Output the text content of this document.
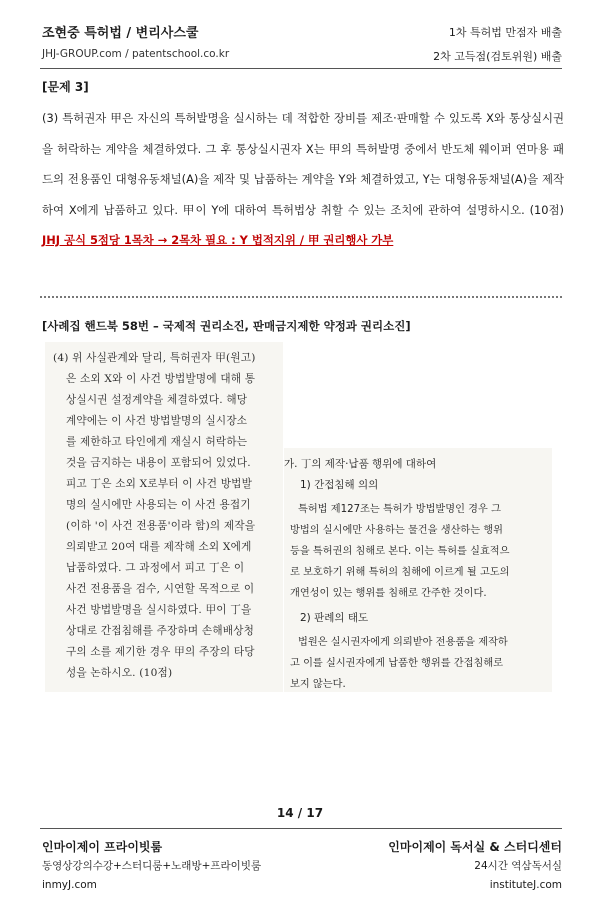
조현중 특허법 / 변리사스쿨
JHJ-GROUP.com / patentschool.co.kr
1차 특허법 만점자 배출
2차 고득점(검토위원) 배출
[문제 3]
(3) 특허권자 甲은 자신의 특허발명을 실시하는 데 적합한 장비를 제조·판매할 수 있도록 X와 통상실시권을 허락하는 계약을 체결하였다. 그 후 통상실시권자 X는 甲의 특허발명 중에서 반도체 웨이퍼 연마용 패드의 전용품인 대형유동채널(A)을 제작 및 납품하는 계약을 Y와 체결하였고, Y는 대형유동채널(A)을 제작하여 X에게 납품하고 있다. 甲이 Y에 대하여 특허법상 취할 수 있는 조치에 관하여 설명하시오. (10점) JHJ 공식 5점당 1목차 → 2목차 필요 : Y 법적지위 / 甲 권리행사 가부
[사례집 핸드북 58번 – 국제적 권리소진, 판매금지제한 약정과 권리소진]
(4) 위 사실관계와 달리, 특허권자 甲(원고)
은 소외 X와 이 사건 방법발명에 대해 통
상실시권 설정계약을 체결하였다. 해당
계약에는 이 사건 방법발명의 실시장소
를 제한하고 타인에게 재실시 허락하는
것을 금지하는 내용이 포함되어 있었다.
피고 丁은 소외 X로부터 이 사건 방법발
명의 실시에만 사용되는 이 사건 용접기
(이하 '이 사건 전용품'이라 함)의 제작을
의뢰받고 20여 대를 제작해 소외 X에게
납품하였다. 그 과정에서 피고 丁은 이
사건 전용품을 검수, 시연할 목적으로 이
사건 방법발명을 실시하였다. 甲이 丁을
상대로 간접침해를 주장하며 손해배상청
구의 소를 제기한 경우 甲의 주장의 타당
성을 논하시오. (10점)
가. 丁의 제작·납품 행위에 대하여
1) 간접침해 의의
특허법 제127조는 특허가 방법발명인 경우 그
방법의 실시에만 사용하는 물건을 생산하는 행위
등을 특허권의 침해로 본다. 이는 특허를 실효적으
로 보호하기 위해 특허의 침해에 이르게 될 고도의
개연성이 있는 행위를 침해로 간주한 것이다.
2) 판례의 태도
법원은 실시권자에게 의뢰받아 전용품을 제작하
고 이를 실시권자에게 납품한 행위를 간접침해로
보지 않는다.
14 / 17
인마이제이 프라이빗룸
동영상강의수강+스터디룸+노래방+프라이빗룸
inmyJ.com
인마이제이 독서실 & 스터디센터
24시간 역삼독서실
instituteJ.com
